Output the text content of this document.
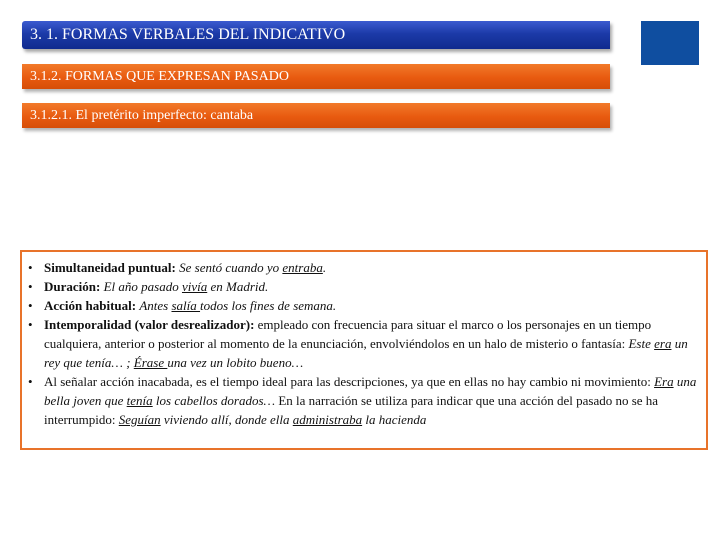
3. 1. FORMAS VERBALES DEL INDICATIVO
3.1.2. FORMAS QUE EXPRESAN PASADO
3.1.2.1. El pretérito imperfecto: cantaba
• Simultaneidad puntual: Se sentó cuando yo entraba.
• Duración: El año pasado vivía en Madrid.
• Acción habitual: Antes salía todos los fines de semana.
• Intemporalidad (valor desrealizador): empleado con frecuencia para situar el marco o los personajes en un tiempo cualquiera, anterior o posterior al momento de la enunciación, envolviéndolos en un halo de misterio o fantasía: Este era un rey que tenía… ; Érase una vez un lobito bueno…
• Al señalar acción inacabada, es el tiempo ideal para las descripciones, ya que en ellas no hay cambio ni movimiento: Era una bella joven que tenía los cabellos dorados… En la narración se utiliza para indicar que una acción del pasado no se ha interrumpido: Seguían viviendo allí, donde ella administraba la hacienda
